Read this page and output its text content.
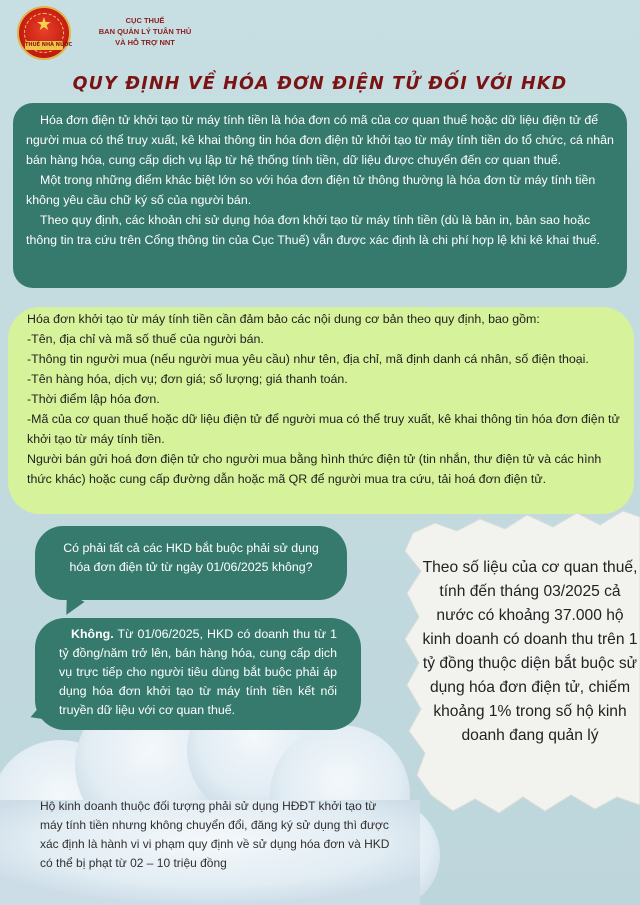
★
THUẾ NHÀ NƯỚC
CỤC THUẾ
BAN QUẢN LÝ TUÂN THỦ
VÀ HỖ TRỢ NNT
QUY ĐỊNH VỀ HÓA ĐƠN ĐIỆN TỬ ĐỐI VỚI HKD

Hóa đơn điện tử khởi tạo từ máy tính tiền là hóa đơn có mã của cơ quan thuế hoặc dữ liệu điện tử để người mua có thể truy xuất, kê khai thông tin hóa đơn điện tử khởi tạo từ máy tính tiền do tổ chức, cá nhân bán hàng hóa, cung cấp dịch vụ lập từ hệ thống tính tiền, dữ liệu được chuyển đến cơ quan thuế.

Một trong những điểm khác biệt lớn so với hóa đơn điện tử thông thường là hóa đơn từ máy tính tiền không yêu cầu chữ ký số của người bán.

Theo quy định, các khoản chi sử dụng hóa đơn khởi tạo từ máy tính tiền (dù là bản in, bản sao hoặc thông tin tra cứu trên Cổng thông tin của Cục Thuế) vẫn được xác định là chi phí hợp lệ khi kê khai thuế.

Hóa đơn khởi tạo từ máy tính tiền cần đảm bảo các nội dung cơ bản theo quy định, bao gồm:

-Tên, địa chỉ và mã số thuế của người bán.

-Thông tin người mua (nếu người mua yêu cầu) như tên, địa chỉ, mã định danh cá nhân, số điện thoại.

-Tên hàng hóa, dịch vụ; đơn giá; số lượng; giá thanh toán.

-Thời điểm lập hóa đơn.

-Mã của cơ quan thuế hoặc dữ liệu điện tử để người mua có thể truy xuất, kê khai thông tin hóa đơn điện tử khởi tạo từ máy tính tiền.

Người bán gửi hoá đơn điện tử cho người mua bằng hình thức điện tử (tin nhắn, thư điện tử và các hình thức khác) hoặc cung cấp đường dẫn hoặc mã QR để người mua tra cứu, tải hoá đơn điện tử.

Theo số liệu của cơ quan thuế, tính đến tháng 03/2025 cả nước có khoảng 37.000 hộ kinh doanh có doanh thu trên 1 tỷ đồng thuộc diện bắt buộc sử dụng hóa đơn điện tử, chiếm khoảng 1% trong số hộ kinh doanh đang quản lý
Có phải tất cả các HKD bắt buộc phải sử dụng hóa đơn điện tử từ ngày 01/06/2025 không?
Không. Từ 01/06/2025, HKD có doanh thu từ 1 tỷ đồng/năm trở lên, bán hàng hóa, cung cấp dịch vụ trực tiếp cho người tiêu dùng bắt buộc phải áp dụng hóa đơn khởi tạo từ máy tính tiền kết nối truyền dữ liệu với cơ quan thuế.
Hộ kinh doanh thuộc đối tượng phải sử dụng HĐĐT khởi tạo từ máy tính tiền nhưng không chuyển đổi, đăng ký sử dụng thì được xác định là hành vi vi phạm quy định về sử dụng hóa đơn và HKD có thể bị phạt từ 02 – 10 triệu đồng
